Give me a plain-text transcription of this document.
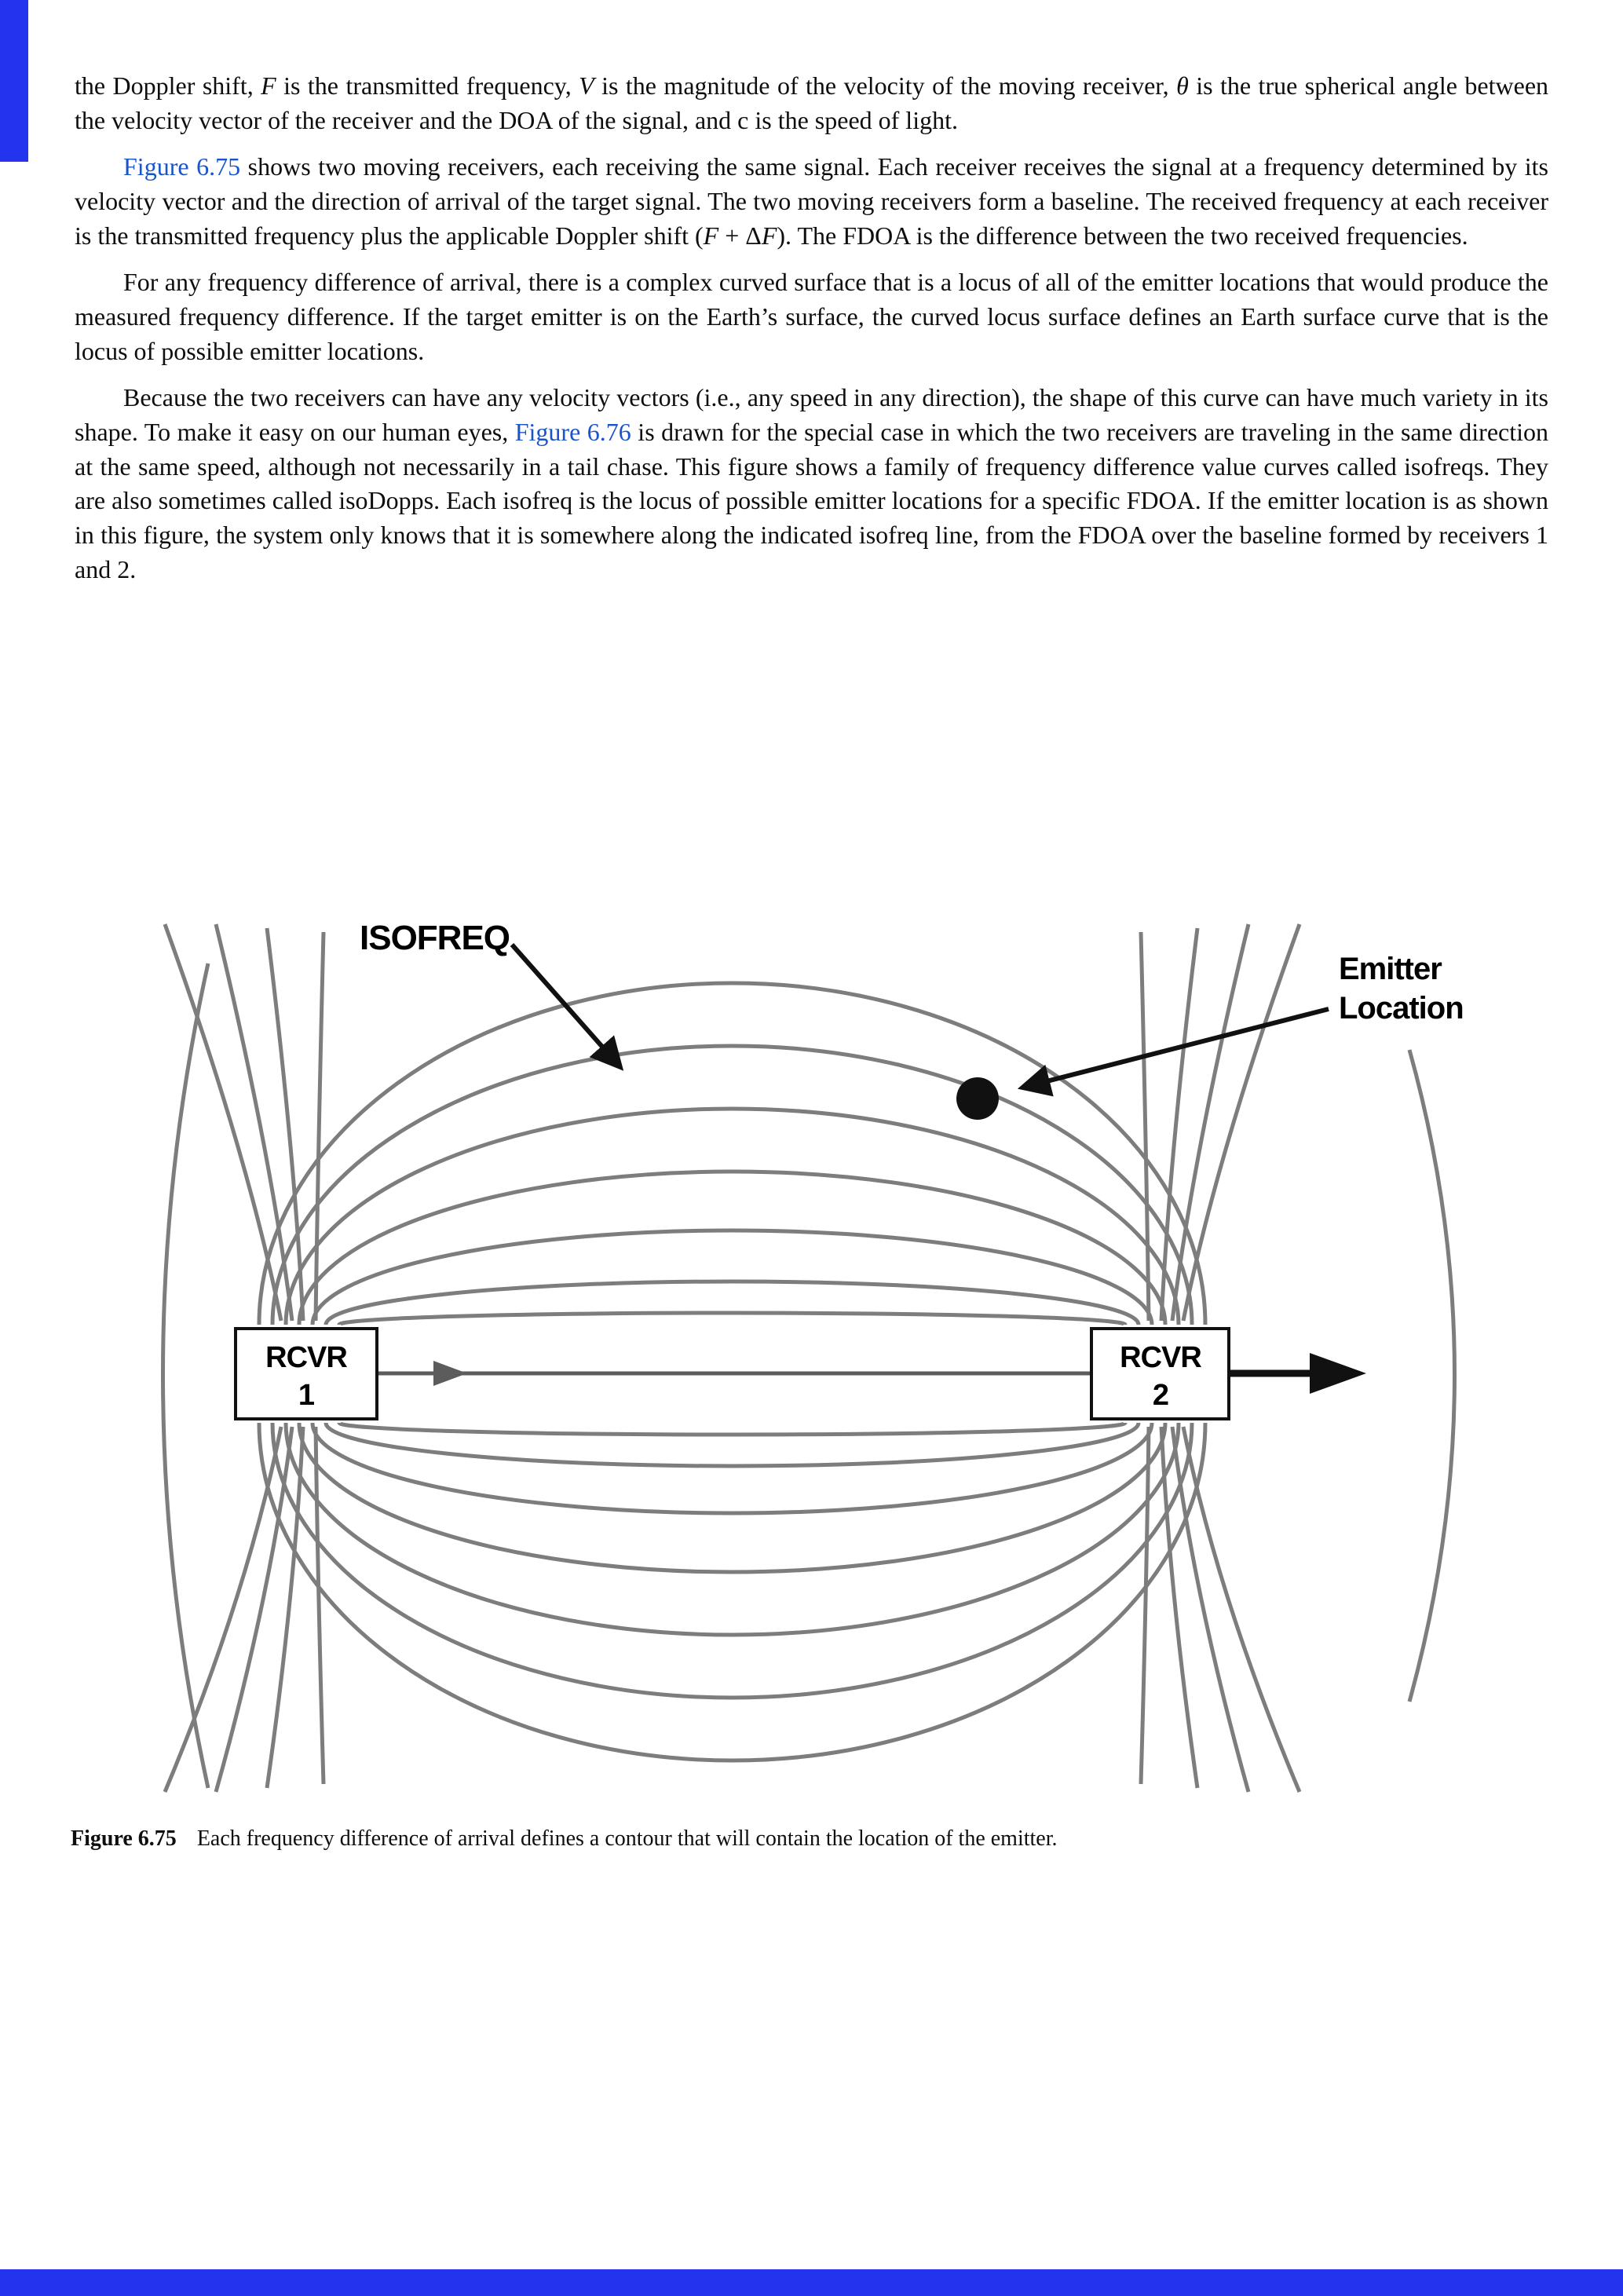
the Doppler shift, F is the transmitted frequency, V is the magnitude of the velocity of the moving receiver, θ is the true spherical angle between the velocity vector of the receiver and the DOA of the signal, and c is the speed of light.

Figure 6.75 shows two moving receivers, each receiving the same signal. Each receiver receives the signal at a frequency determined by its velocity vector and the direction of arrival of the target signal. The two moving receivers form a baseline. The received frequency at each receiver is the transmitted frequency plus the applicable Doppler shift (F + ΔF). The FDOA is the difference between the two received frequencies.

For any frequency difference of arrival, there is a complex curved surface that is a locus of all of the emitter locations that would produce the measured frequency difference. If the target emitter is on the Earth’s surface, the curved locus surface defines an Earth surface curve that is the locus of possible emitter locations.

Because the two receivers can have any velocity vectors (i.e., any speed in any direction), the shape of this curve can have much variety in its shape. To make it easy on our human eyes, Figure 6.76 is drawn for the special case in which the two receivers are traveling in the same direction at the same speed, although not necessarily in a tail chase. This figure shows a family of frequency difference value curves called isofreqs. They are also sometimes called isoDopps. Each isofreq is the locus of possible emitter locations for a specific FDOA. If the emitter location is as shown in this figure, the system only knows that it is somewhere along the indicated isofreq line, from the FDOA over the baseline formed by receivers 1 and 2.

RCVR
1
RCVR
2
ISOFREQ
Emitter
Location
Figure 6.75 Each frequency difference of arrival defines a contour that will contain the location of the emitter.
